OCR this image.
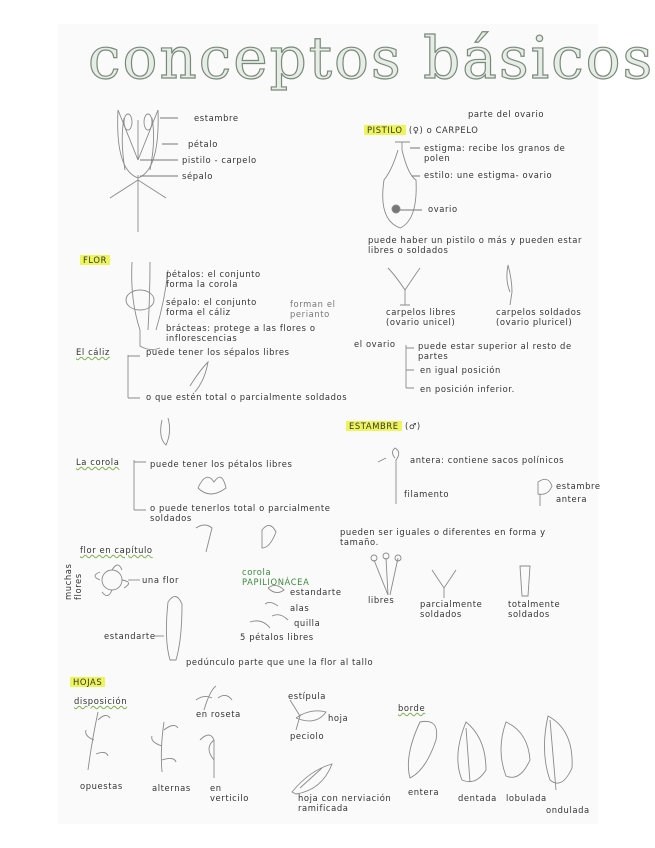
conceptos básicos
estambre
pétalo
pistilo - carpelo
sépalo
parte del ovario
PISTILO (♀) o CARPELO
estigma: recibe los granos de polen
estilo: une estigma- ovario
ovario
puede haber un pistilo o más y pueden estar libres o soldados
carpelos libres (ovario unicel)
carpelos soldados (ovario pluricel)
FLOR
pétalos: el conjunto forma la corola
sépalo: el conjunto forma el cáliz
forman el perianto
brácteas: protege a las flores o inflorescencias
el ovario	puede estar superior al resto de partes
en igual posición
en posición inferior.
El cáliz	puede tener los sépalos libres
o que estén total o parcialmente soldados
ESTAMBRE (♂)
antera: contiene sacos polínicos
filamento
estambre
antera
pueden ser iguales o diferentes en forma y tamaño.
libres	parcialmente soldados
totalmente soldados
La corola	puede tener los pétalos libres
o puede tenerlos total o parcialmente soldados
flor en capítulo
muchas flores	una flor
estandarte
corola PAPILIONÁCEA
estandarte
alas
quilla
5 pétalos libres
pedúnculo parte que une la flor al tallo
HOJAS
disposición
en roseta
opuestas	alternas en verticilo
estípula
hoja
peciolo
hoja con nerviación ramificada
borde
entera
dentada lobulada
ondulada
